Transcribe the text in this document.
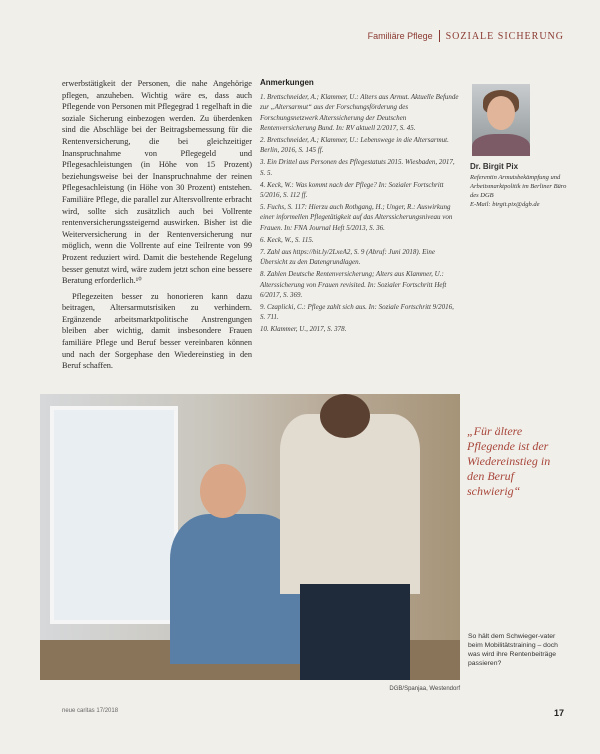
Familiäre Pflege SOZIALE SICHERUNG

erwerbstätigkeit der Personen, die nahe Angehörige pflegen, anzuheben. Wichtig wäre es, dass auch Pflegende von Personen mit Pflegegrad 1 regelhaft in die soziale Sicherung einbezogen werden. Zu überdenken sind die Abschläge bei der Beitragsbemessung für die Rentenversicherung, die bei gleichzeitiger Inanspruchnahme von Pflegegeld und Pflegesachleistungen (in Höhe von 15 Prozent) beziehungsweise bei der Inanspruchnahme der reinen Pflegesachleistung (in Höhe von 30 Prozent) entstehen. Familiäre Pflege, die parallel zur Altersvollrente erbracht wird, sollte sich zusätzlich auch bei Vollrente rentenversicherungssteigernd auswirken. Bisher ist die Weiterversicherung in der Rentenversicherung nur möglich, wenn die Vollrente auf eine Teilrente von 99 Prozent reduziert wird. Damit die bestehende Regelung besser genutzt wird, wäre zudem jetzt schon eine bessere Beratung erforderlich.¹⁰

Pflegezeiten besser zu honorieren kann dazu beitragen, Altersarmutsrisiken zu verhindern. Ergänzende arbeitsmarktpolitische Anstrengungen bleiben aber wichtig, damit insbesondere Frauen familiäre Pflege und Beruf besser vereinbaren können und nach der Sorgephase den Wiedereinstieg in den Beruf schaffen.

Anmerkungen
1. Brettschneider, A.; Klammer, U.: Alters aus Armut. Aktuelle Befunde zur „Altersarmut“ aus der Forschungsförderung des Forschungsnetzwerk Alterssicherung der Deutschen Rentenversicherung Bund. In: RV aktuell 2/2017, S. 45.
2. Brettschneider, A.; Klammer, U.: Lebenswege in die Altersarmut. Berlin, 2016, S. 145 ff.
3. Ein Drittel aus Personen des Pflegestatuts 2015. Wiesbaden, 2017, S. 5.
4. Keck, W.: Was kommt nach der Pflege? In: Sozialer Fortschritt 5/2016, S. 112 ff.
5. Fuchs, S. 117: Hierzu auch Rothgang, H.; Unger, R.: Auswirkung einer informellen Pflegetätigkeit auf das Alterssicherungsniveau von Frauen. In: FNA Journal Heft 5/2013, S. 36.
6. Keck, W., S. 115.
7. Zahl aus https://bit.ly/2LxeA2, S. 9 (Abruf: Juni 2018). Eine Übersicht zu den Datengrundlagen.
8. Zahlen Deutsche Rentenversicherung; Alters aus Klammer, U.: Alterssicherung von Frauen revisited. In: Sozialer Fortschritt Heft 6/2017, S. 369.
9. Czaplicki, C.: Pflege zahlt sich aus. In: Soziale Fortschritt 9/2016, S. 711.
10. Klammer, U., 2017, S. 378.
Dr. Birgit Pix
Referentin Armutsbekämpfung und Arbeitsmarktpolitik im Berliner Büro des DGB
E-Mail: birgit.pix@dgb.de
DGB/Spanjaa, Westendorf
„Für ältere Pflegende ist der Wiedereinstieg in den Beruf schwierig“
So hält dem Schwieger-vater beim Mobilitätstraining – doch was wird ihre Rentenbeiträge passieren?
neue caritas 17/2018	17
